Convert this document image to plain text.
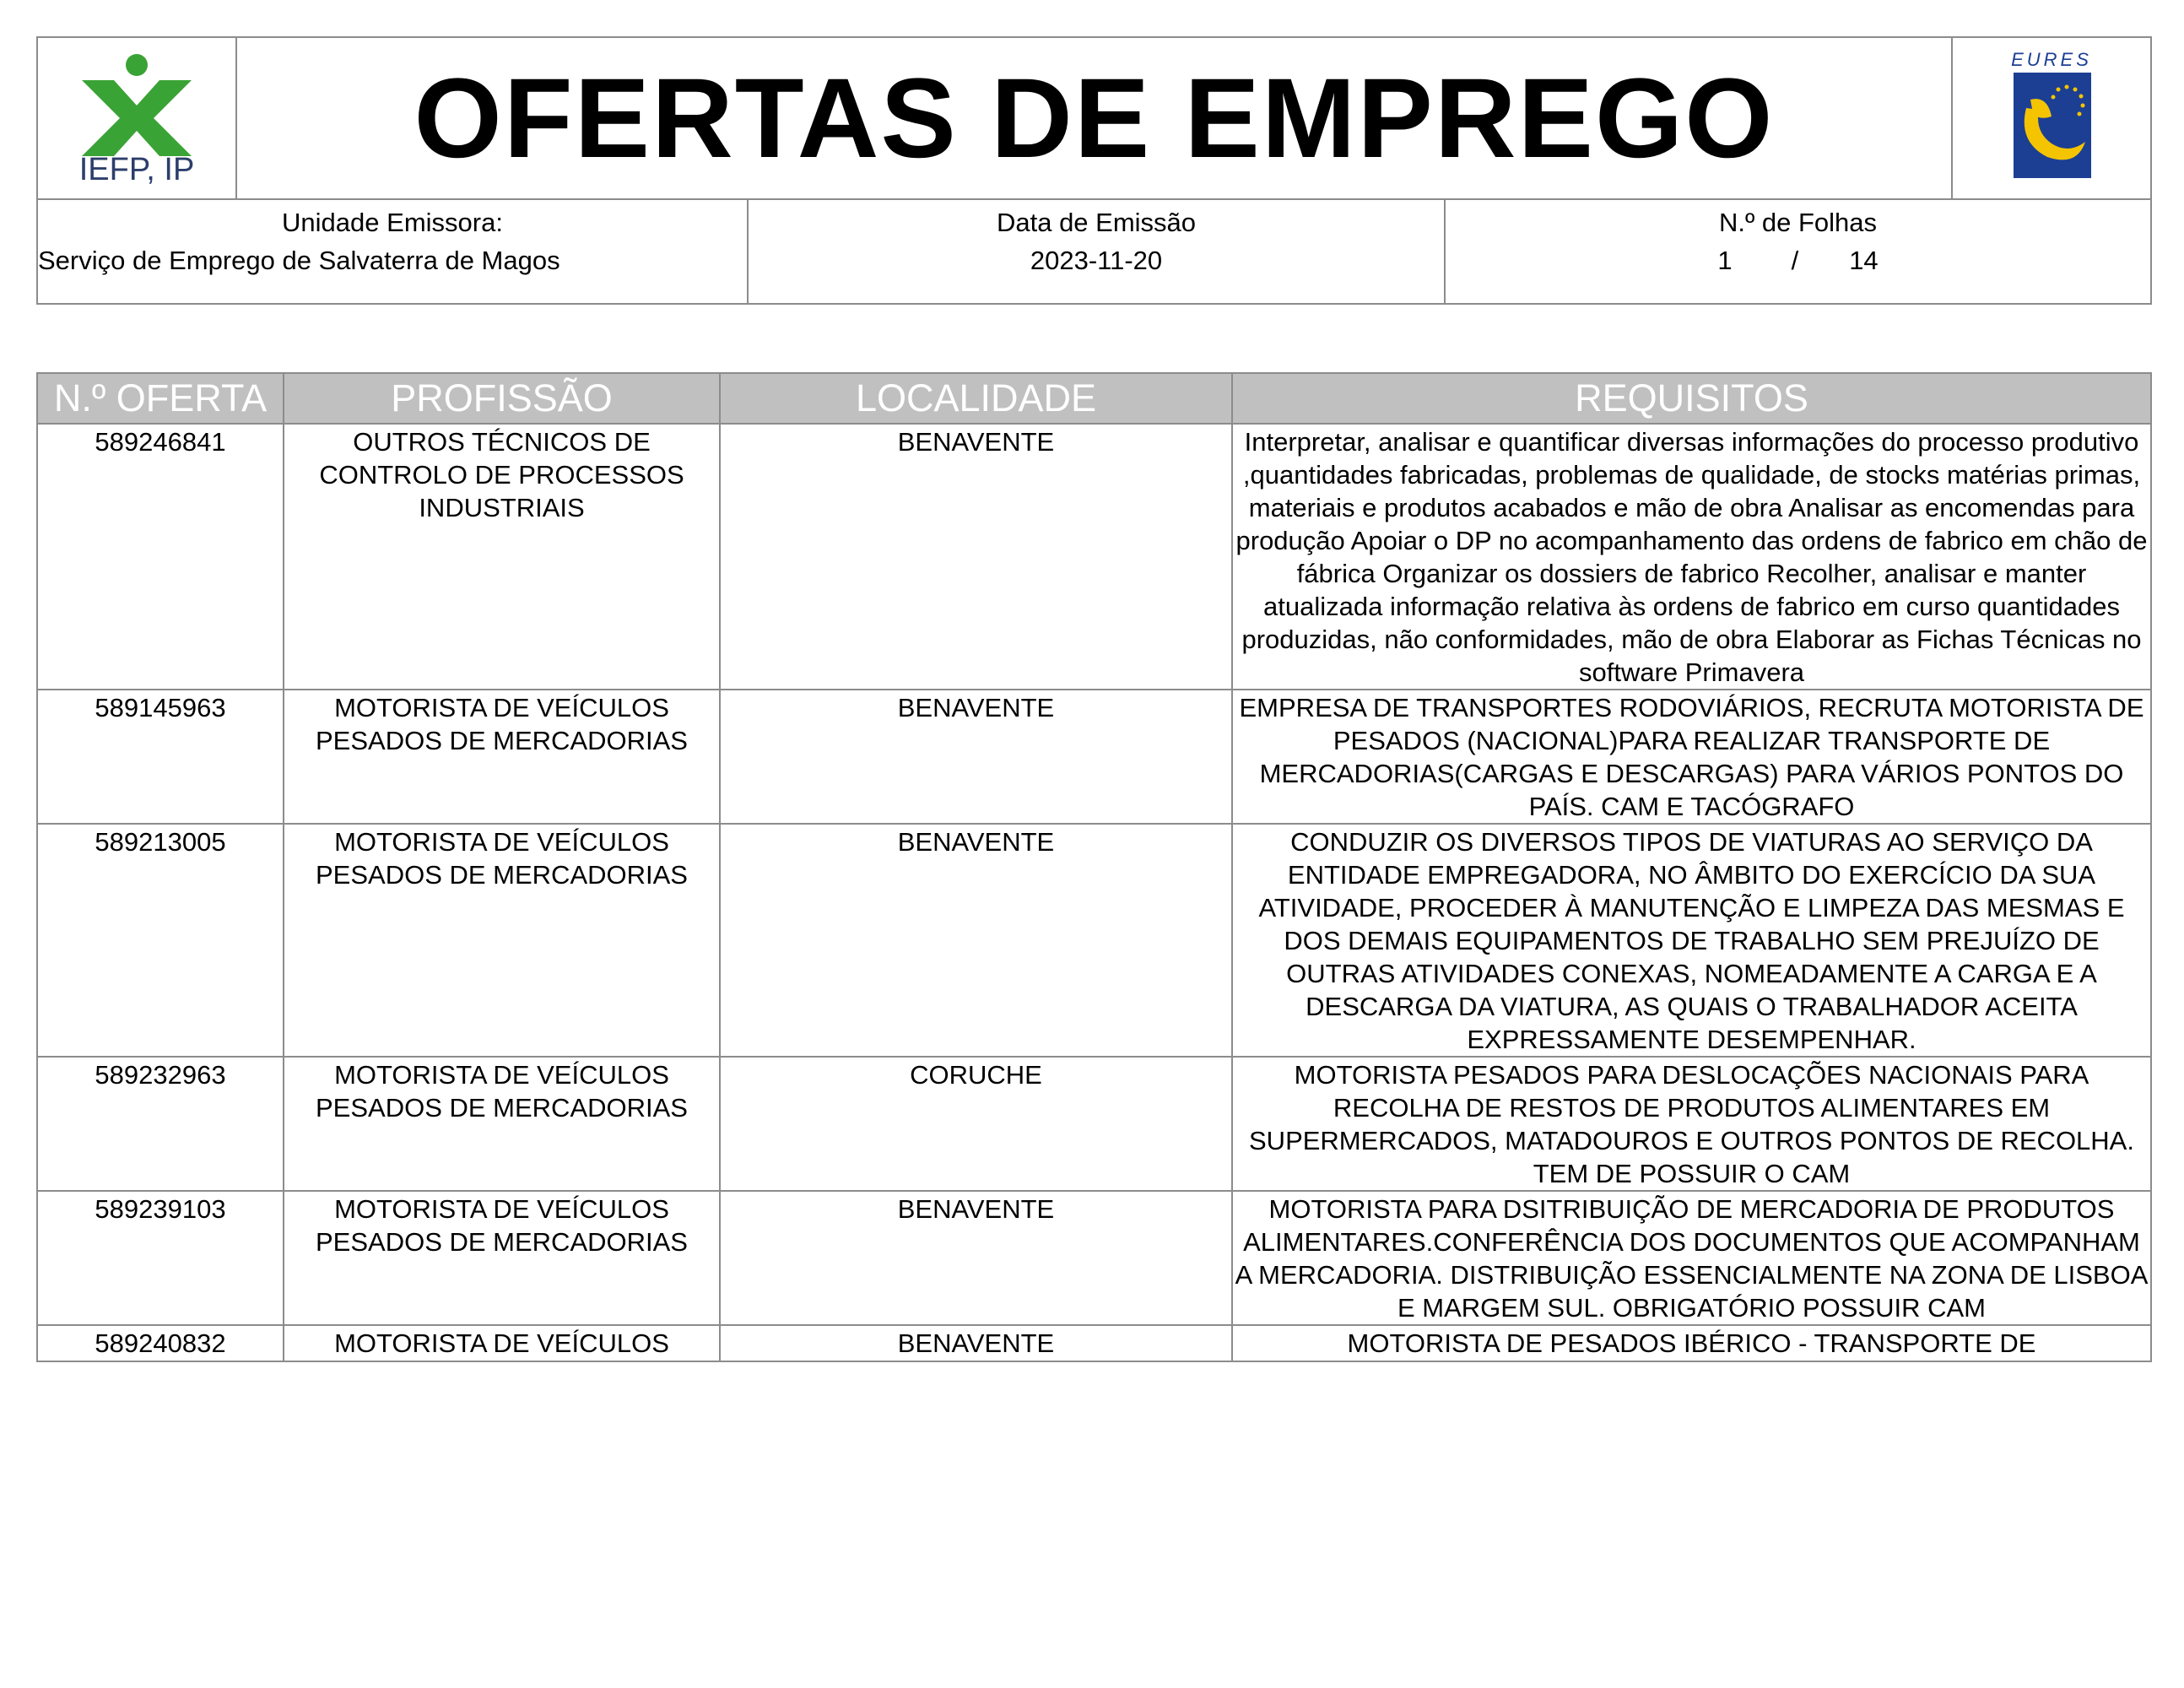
IEFP, IP	OFERTAS DE EMPREGO	EURES
Unidade Emissora:
Serviço de Emprego de Salvaterra de Magos	
Data de Emissão
2023-11-20	
N.º de Folhas
1 / 14
N.º OFERTA	PROFISSÃO	LOCALIDADE	REQUISITOS
589246841	OUTROS TÉCNICOS DE CONTROLO DE PROCESSOS INDUSTRIAIS	BENAVENTE	Interpretar, analisar e quantificar diversas informações do processo produtivo ,quantidades fabricadas, problemas de qualidade, de stocks matérias primas, materiais e produtos acabados e mão de obra Analisar as encomendas para produção Apoiar o DP no acompanhamento das ordens de fabrico em chão de fábrica Organizar os dossiers de fabrico Recolher, analisar e manter atualizada informação relativa às ordens de fabrico em curso quantidades produzidas, não conformidades, mão de obra Elaborar as Fichas Técnicas no software Primavera
589145963	MOTORISTA DE VEÍCULOS PESADOS DE MERCADORIAS	BENAVENTE	EMPRESA DE TRANSPORTES RODOVIÁRIOS, RECRUTA MOTORISTA DE PESADOS (NACIONAL)PARA REALIZAR TRANSPORTE DE MERCADORIAS(CARGAS E DESCARGAS) PARA VÁRIOS PONTOS DO PAÍS. CAM E TACÓGRAFO
589213005	MOTORISTA DE VEÍCULOS PESADOS DE MERCADORIAS	BENAVENTE	CONDUZIR OS DIVERSOS TIPOS DE VIATURAS AO SERVIÇO DA ENTIDADE EMPREGADORA, NO ÂMBITO DO EXERCÍCIO DA SUA ATIVIDADE, PROCEDER À MANUTENÇÃO E LIMPEZA DAS MESMAS E DOS DEMAIS EQUIPAMENTOS DE TRABALHO SEM PREJUÍZO DE OUTRAS ATIVIDADES CONEXAS, NOMEADAMENTE A CARGA E A DESCARGA DA VIATURA, AS QUAIS O TRABALHADOR ACEITA EXPRESSAMENTE DESEMPENHAR.
589232963	MOTORISTA DE VEÍCULOS PESADOS DE MERCADORIAS	CORUCHE	MOTORISTA PESADOS PARA DESLOCAÇÕES NACIONAIS PARA RECOLHA DE RESTOS DE PRODUTOS ALIMENTARES EM SUPERMERCADOS, MATADOUROS E OUTROS PONTOS DE RECOLHA. TEM DE POSSUIR O CAM
589239103	MOTORISTA DE VEÍCULOS PESADOS DE MERCADORIAS	BENAVENTE	MOTORISTA PARA DSITRIBUIÇÃO DE MERCADORIA DE PRODUTOS ALIMENTARES.CONFERÊNCIA DOS DOCUMENTOS QUE ACOMPANHAM A MERCADORIA. DISTRIBUIÇÃO ESSENCIALMENTE NA ZONA DE LISBOA E MARGEM SUL. OBRIGATÓRIO POSSUIR CAM
589240832	MOTORISTA DE VEÍCULOS	BENAVENTE	MOTORISTA DE PESADOS IBÉRICO - TRANSPORTE DE
